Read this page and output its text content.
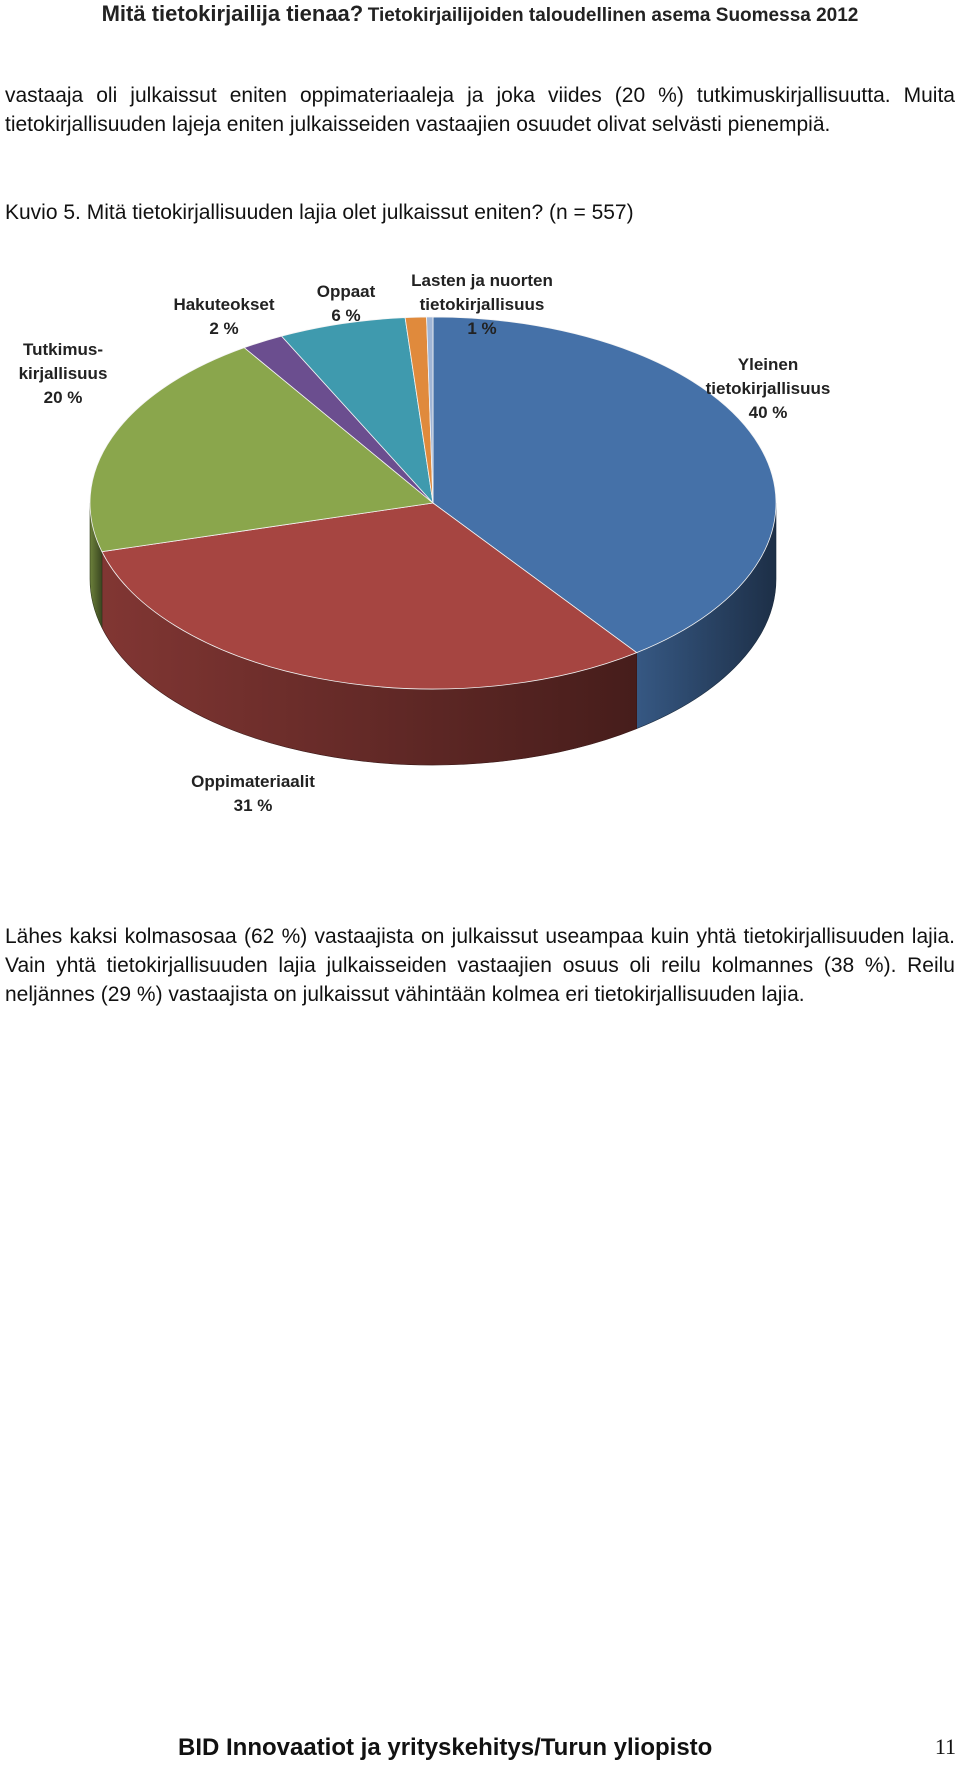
Mitä tietokirjailija tienaa? Tietokirjailijoiden taloudellinen asema Suomessa 2012

vastaaja oli julkaissut eniten oppimateriaaleja ja joka viides (20 %) tutkimuskirjallisuutta. Muita tietokirjallisuuden lajeja eniten julkaisseiden vastaajien osuudet olivat selvästi pienempiä.

Kuvio 5. Mitä tietokirjallisuuden lajia olet julkaissut eniten? (n = 557)

Yleinen tietokirjallisuus 40 %
Oppimateriaalit 31 %
Tutkimus-kirjallisuus 20 %
Hakuteokset 2 %
Oppaat 6 %
Lasten ja nuorten tietokirjallisuus 1 %

Lähes kaksi kolmasosaa (62 %) vastaajista on julkaissut useampaa kuin yhtä tietokirjallisuuden lajia. Vain yhtä tietokirjallisuuden lajia julkaisseiden vastaajien osuus oli reilu kolmannes (38 %). Reilu neljännes (29 %) vastaajista on julkaissut vähintään kolmea eri tietokirjallisuuden lajia.

BID Innovaatiot ja yrityskehitys/Turun yliopisto	11
